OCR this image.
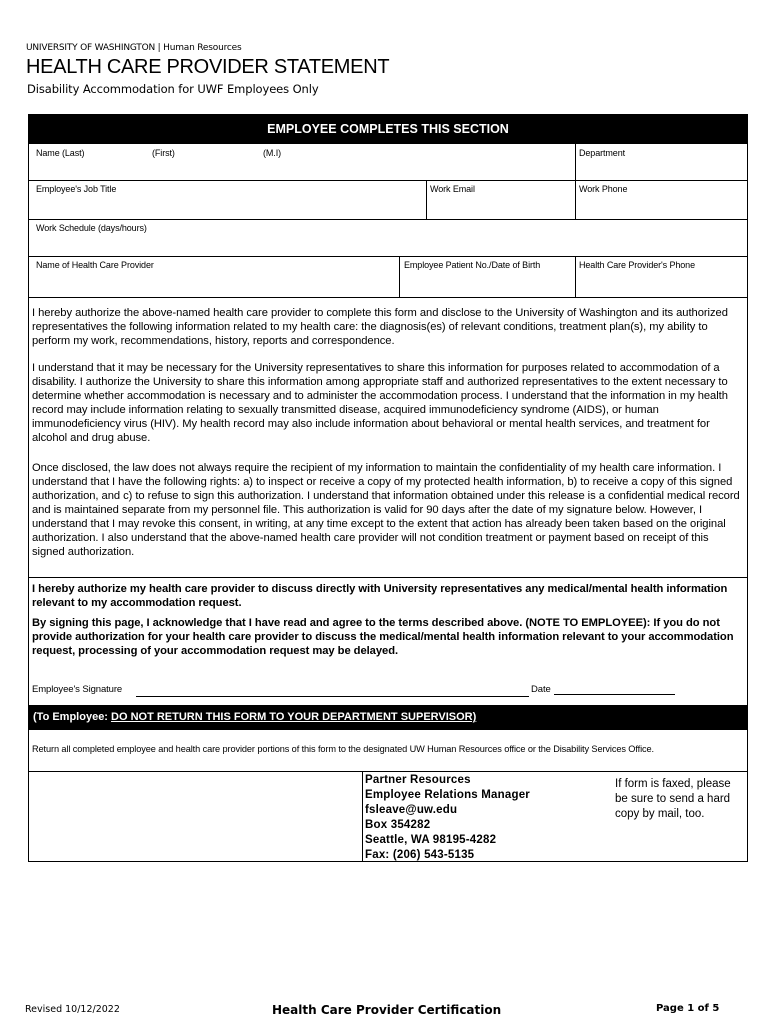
UNIVERSITY OF WASHINGTON | Human Resources
HEALTH CARE PROVIDER STATEMENT
Disability Accommodation for UWF Employees Only
EMPLOYEE COMPLETES THIS SECTION
Name (Last)	(First)	(M.I)	Department
Employee's Job Title	Work Email	Work Phone
Work Schedule (days/hours)
Name of Health Care Provider	Employee Patient No./Date of Birth	Health Care Provider's Phone
I hereby authorize the above-named health care provider to complete this form and disclose to the University of Washington and its authorized representatives the following information related to my health care: the diagnosis(es) of relevant conditions, treatment plan(s), my ability to perform my work, recommendations, history, reports and correspondence.
I understand that it may be necessary for the University representatives to share this information for purposes related to accommodation of a disability. I authorize the University to share this information among appropriate staff and authorized representatives to the extent necessary to determine whether accommodation is necessary and to administer the accommodation process. I understand that the information in my health record may include information relating to sexually transmitted disease, acquired immunodeficiency syndrome (AIDS), or human immunodeficiency virus (HIV). My health record may also include information about behavioral or mental health services, and treatment for alcohol and drug abuse.
Once disclosed, the law does not always require the recipient of my information to maintain the confidentiality of my health care information. I understand that I have the following rights: a) to inspect or receive a copy of my protected health information, b) to receive a copy of this signed authorization, and c) to refuse to sign this authorization. I understand that information obtained under this release is a confidential medical record and is maintained separate from my personnel file. This authorization is valid for 90 days after the date of my signature below. However, I understand that I may revoke this consent, in writing, at any time except to the extent that action has already been taken based on the original authorization. I also understand that the above-named health care provider will not condition treatment or payment based on receipt of this signed authorization.
I hereby authorize my health care provider to discuss directly with University representatives any medical/mental health information relevant to my accommodation request.
By signing this page, I acknowledge that I have read and agree to the terms described above. (NOTE TO EMPLOYEE): If you do not provide authorization for your health care provider to discuss the medical/mental health information relevant to your accommodation request, processing of your accommodation request may be delayed.
Employee's Signature	Date
(To Employee: DO NOT RETURN THIS FORM TO YOUR DEPARTMENT SUPERVISOR)
Return all completed employee and health care provider portions of this form to the designated UW Human Resources office or the Disability Services Office.
Partner Resources
Employee Relations Manager
fsleave@uw.edu
Box 354282
Seattle, WA 98195-4282
Fax: (206) 543-5135
If form is faxed, please be sure to send a hard copy by mail, too.
Revised 10/12/2022	Health Care Provider Certification	Page 1 of 5
